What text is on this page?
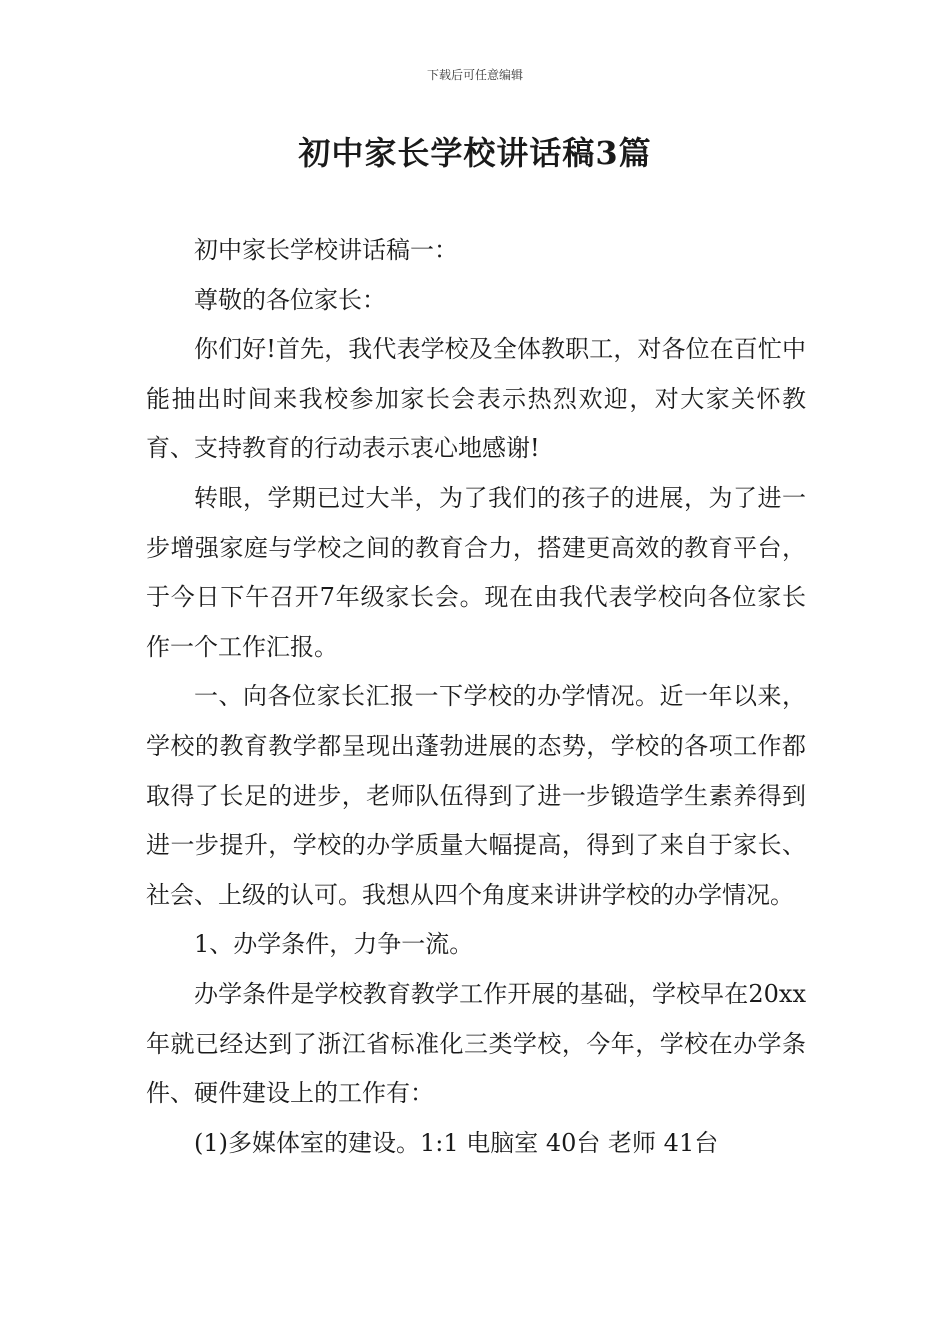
下载后可任意编辑
初中家长学校讲话稿3篇

初中家长学校讲话稿一：

尊敬的各位家长：

你们好!首先，我代表学校及全体教职工，对各位在百忙中能抽出时间来我校参加家长会表示热烈欢迎，对大家关怀教育、支持教育的行动表示衷心地感谢!

转眼，学期已过大半，为了我们的孩子的进展，为了进一步增强家庭与学校之间的教育合力，搭建更高效的教育平台，于今日下午召开7年级家长会。现在由我代表学校向各位家长作一个工作汇报。

一、向各位家长汇报一下学校的办学情况。近一年以来，学校的教育教学都呈现出蓬勃进展的态势，学校的各项工作都取得了长足的进步，老师队伍得到了进一步锻造学生素养得到进一步提升，学校的办学质量大幅提高，得到了来自于家长、社会、上级的认可。我想从四个角度来讲讲学校的办学情况。

1、办学条件，力争一流。

办学条件是学校教育教学工作开展的基础，学校早在20xx年就已经达到了浙江省标准化三类学校，今年，学校在办学条件、硬件建设上的工作有：

(1)多媒体室的建设。1:1 电脑室 40台 老师 41台
